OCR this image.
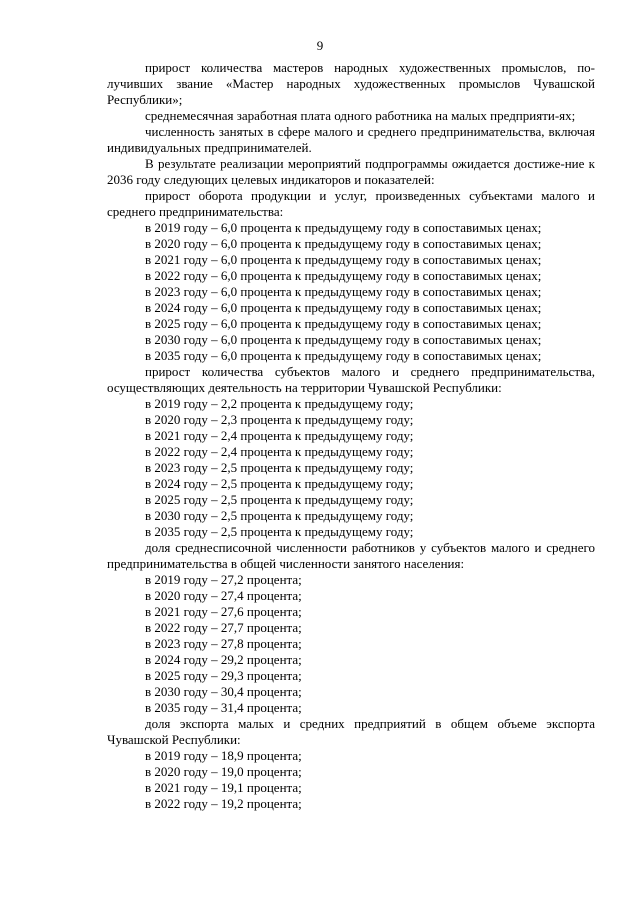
9

прирост количества мастеров народных художественных промыслов, по-лучивших звание «Мастер народных художественных промыслов Чувашской Республики»;

среднемесячная заработная плата одного работника на малых предприяти-ях;

численность занятых в сфере малого и среднего предпринимательства, включая индивидуальных предпринимателей.

В результате реализации мероприятий подпрограммы ожидается достиже-ние к 2036 году следующих целевых индикаторов и показателей:

прирост оборота продукции и услуг, произведенных субъектами малого и среднего предпринимательства:

в 2019 году – 6,0 процента к предыдущему году в сопоставимых ценах;

в 2020 году – 6,0 процента к предыдущему году в сопоставимых ценах;

в 2021 году – 6,0 процента к предыдущему году в сопоставимых ценах;

в 2022 году – 6,0 процента к предыдущему году в сопоставимых ценах;

в 2023 году – 6,0 процента к предыдущему году в сопоставимых ценах;

в 2024 году – 6,0 процента к предыдущему году в сопоставимых ценах;

в 2025 году – 6,0 процента к предыдущему году в сопоставимых ценах;

в 2030 году – 6,0 процента к предыдущему году в сопоставимых ценах;

в 2035 году – 6,0 процента к предыдущему году в сопоставимых ценах;

прирост количества субъектов малого и среднего предпринимательства, осуществляющих деятельность на территории Чувашской Республики:

в 2019 году – 2,2 процента к предыдущему году;

в 2020 году – 2,3 процента к предыдущему году;

в 2021 году – 2,4 процента к предыдущему году;

в 2022 году – 2,4 процента к предыдущему году;

в 2023 году – 2,5 процента к предыдущему году;

в 2024 году – 2,5 процента к предыдущему году;

в 2025 году – 2,5 процента к предыдущему году;

в 2030 году – 2,5 процента к предыдущему году;

в 2035 году – 2,5 процента к предыдущему году;

доля среднесписочной численности работников у субъектов малого и среднего предпринимательства в общей численности занятого населения:

в 2019 году – 27,2 процента;

в 2020 году – 27,4 процента;

в 2021 году – 27,6 процента;

в 2022 году – 27,7 процента;

в 2023 году – 27,8 процента;

в 2024 году – 29,2 процента;

в 2025 году – 29,3 процента;

в 2030 году – 30,4 процента;

в 2035 году – 31,4 процента;

доля экспорта малых и средних предприятий в общем объеме экспорта Чувашской Республики:

в 2019 году – 18,9 процента;

в 2020 году – 19,0 процента;

в 2021 году – 19,1 процента;

в 2022 году – 19,2 процента;
